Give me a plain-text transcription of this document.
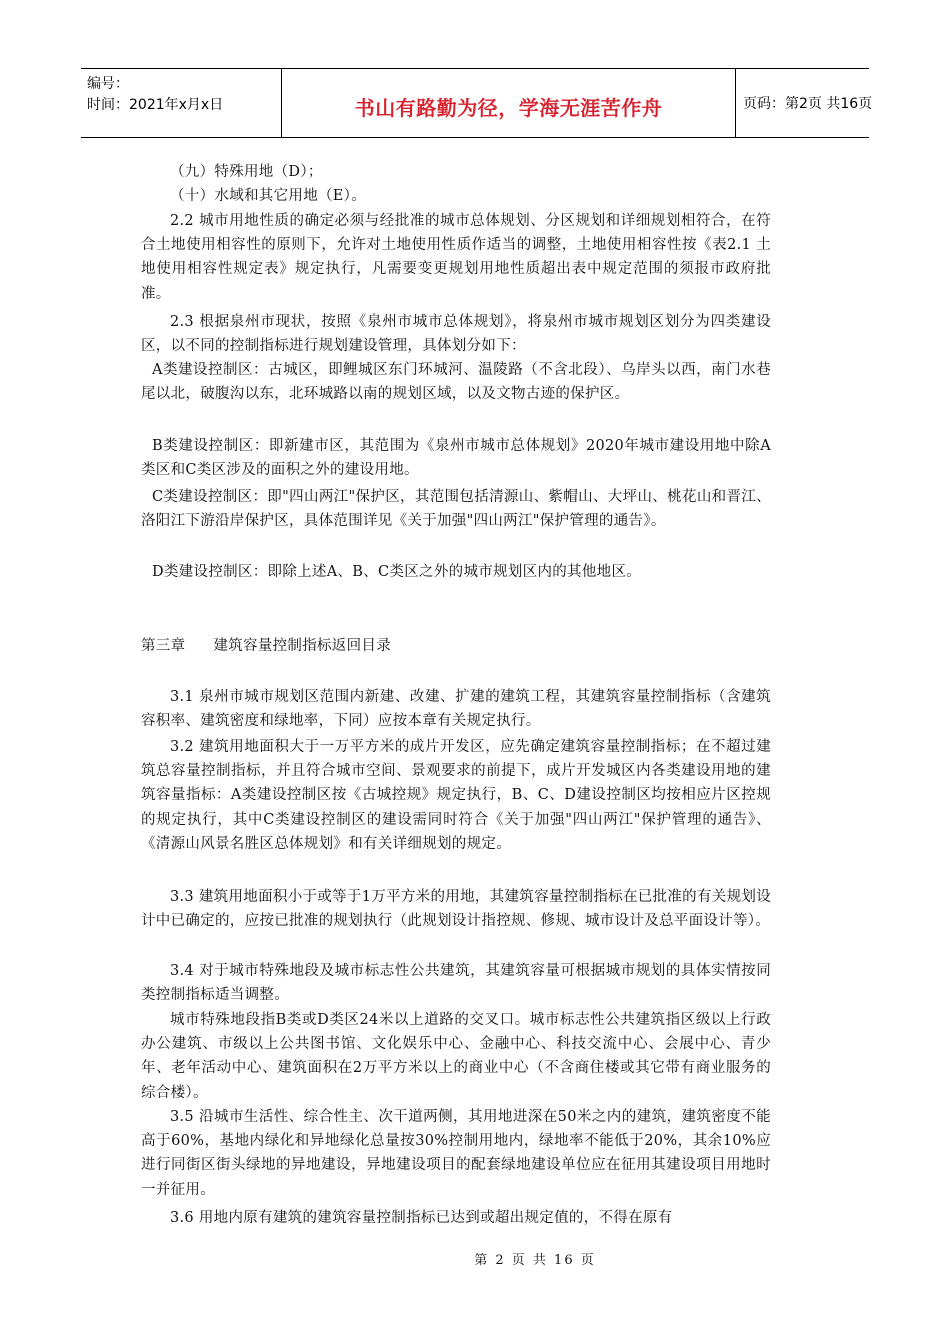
编号：
时间：2021年x月x日	书山有路勤为径，学海无涯苦作舟	页码：第2页 共16页
（九）特殊用地（D）；
（十）水域和其它用地（E）。
2.2 城市用地性质的确定必须与经批准的城市总体规划、分区规划和详细规划相符合，在符合土地使用相容性的原则下，允许对土地使用性质作适当的调整，土地使用相容性按《表2.1 土地使用相容性规定表》规定执行，凡需要变更规划用地性质超出表中规定范围的须报市政府批准。
2.3 根据泉州市现状，按照《泉州市城市总体规划》，将泉州市城市规划区划分为四类建设区，以不同的控制指标进行规划建设管理，具体划分如下：
A类建设控制区：古城区，即鲤城区东门环城河、温陵路（不含北段）、乌岸头以西，南门水巷尾以北，破腹沟以东，北环城路以南的规划区域，以及文物古迹的保护区。
B类建设控制区：即新建市区，其范围为《泉州市城市总体规划》2020年城市建设用地中除A类区和C类区涉及的面积之外的建设用地。
C类建设控制区：即"四山两江"保护区，其范围包括清源山、紫帽山、大坪山、桃花山和晋江、洛阳江下游沿岸保护区，具体范围详见《关于加强"四山两江"保护管理的通告》。
D类建设控制区：即除上述A、B、C类区之外的城市规划区内的其他地区。
第三章 建筑容量控制指标返回目录
3.1 泉州市城市规划区范围内新建、改建、扩建的建筑工程，其建筑容量控制指标（含建筑容积率、建筑密度和绿地率，下同）应按本章有关规定执行。
3.2 建筑用地面积大于一万平方米的成片开发区，应先确定建筑容量控制指标；在不超过建筑总容量控制指标，并且符合城市空间、景观要求的前提下，成片开发城区内各类建设用地的建筑容量指标：A类建设控制区按《古城控规》规定执行，B、C、D建设控制区均按相应片区控规的规定执行，其中C类建设控制区的建设需同时符合《关于加强"四山两江"保护管理的通告》、《清源山风景名胜区总体规划》和有关详细规划的规定。
3.3 建筑用地面积小于或等于1万平方米的用地，其建筑容量控制指标在已批准的有关规划设计中已确定的，应按已批准的规划执行（此规划设计指控规、修规、城市设计及总平面设计等）。
3.4 对于城市特殊地段及城市标志性公共建筑，其建筑容量可根据城市规划的具体实情按同类控制指标适当调整。
城市特殊地段指B类或D类区24米以上道路的交叉口。城市标志性公共建筑指区级以上行政办公建筑、市级以上公共图书馆、文化娱乐中心、金融中心、科技交流中心、会展中心、青少年、老年活动中心、建筑面积在2万平方米以上的商业中心（不含商住楼或其它带有商业服务的综合楼）。
3.5 沿城市生活性、综合性主、次干道两侧，其用地进深在50米之内的建筑，建筑密度不能高于60%，基地内绿化和异地绿化总量按30%控制用地内，绿地率不能低于20%，其余10%应进行同街区街头绿地的异地建设，异地建设项目的配套绿地建设单位应在征用其建设项目用地时一并征用。
3.6 用地内原有建筑的建筑容量控制指标已达到或超出规定值的，不得在原有
第 2 页 共 16 页
